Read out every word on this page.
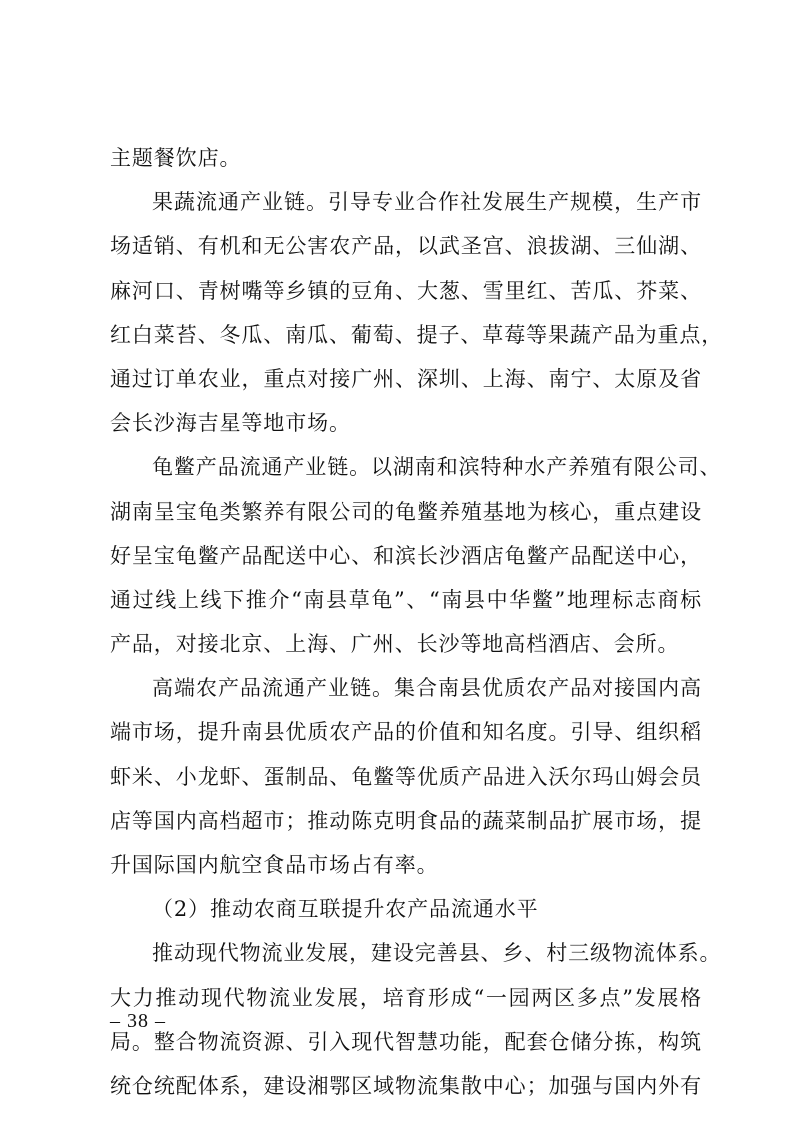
主题餐饮店。
果蔬流通产业链。引导专业合作社发展生产规模，生产市
场适销、有机和无公害农产品，以武圣宫、浪拔湖、三仙湖、
麻河口、青树嘴等乡镇的豆角、大葱、雪里红、苦瓜、芥菜、
红白菜苔、冬瓜、南瓜、葡萄、提子、草莓等果蔬产品为重点，
通过订单农业，重点对接广州、深圳、上海、南宁、太原及省
会长沙海吉星等地市场。
龟鳖产品流通产业链。以湖南和滨特种水产养殖有限公司、
湖南呈宝龟类繁养有限公司的龟鳖养殖基地为核心，重点建设
好呈宝龟鳖产品配送中心、和滨长沙酒店龟鳖产品配送中心，
通过线上线下推介“南县草龟”、“南县中华鳖”地理标志商标
产品，对接北京、上海、广州、长沙等地高档酒店、会所。
高端农产品流通产业链。集合南县优质农产品对接国内高
端市场，提升南县优质农产品的价值和知名度。引导、组织稻
虾米、小龙虾、蛋制品、龟鳖等优质产品进入沃尔玛山姆会员
店等国内高档超市；推动陈克明食品的蔬菜制品扩展市场，提
升国际国内航空食品市场占有率。
（2）推动农商互联提升农产品流通水平
推动现代物流业发展，建设完善县、乡、村三级物流体系。
大力推动现代物流业发展，培育形成“一园两区多点”发展格
局。整合物流资源、引入现代智慧功能，配套仓储分拣，构筑
统仓统配体系，建设湘鄂区域物流集散中心；加强与国内外有
– 38 –
